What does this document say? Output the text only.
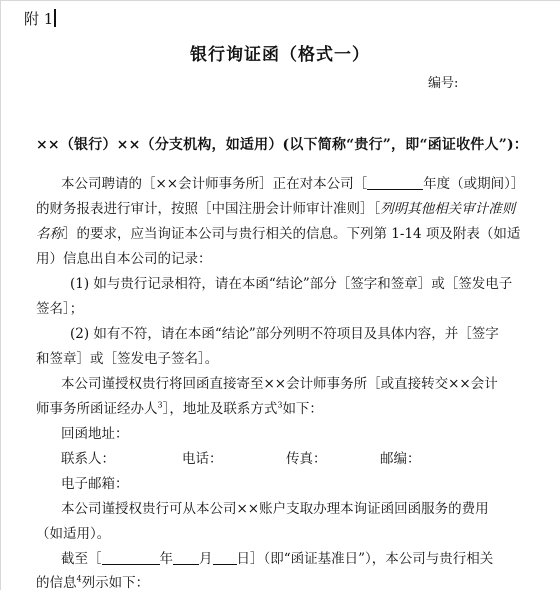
附 1
银行询证函（格式一）
编号:
××（银行）××（分支机构，如适用）(以下简称“贵行”，即“函证收件人”)：
本公司聘请的［××会计师事务所］正在对本公司［	年度（或期间）］
的财务报表进行审计，按照［中国注册会计师审计准则］［列明其他相关审计准则
名称］的要求，应当询证本公司与贵行相关的信息。下列第 1-14 项及附表（如适
用）信息出自本公司的记录：
(1) 如与贵行记录相符，请在本函“结论”部分［签字和签章］或［签发电子
签名］；
(2) 如有不符，请在本函“结论”部分列明不符项目及具体内容，并［签字
和签章］或［签发电子签名］。
本公司谨授权贵行将回函直接寄至××会计师事务所［或直接转交××会计
师事务所函证经办人$^3$］，地址及联系方式$^3$如下：
回函地址：
联系人：	电话：	传真：	邮编：
电子邮箱：
本公司谨授权贵行可从本公司××账户支取办理本询证函回函服务的费用
（如适用）。
截至［	年 月 日］（即“函证基准日”），本公司与贵行相关
的信息$^4$列示如下：
